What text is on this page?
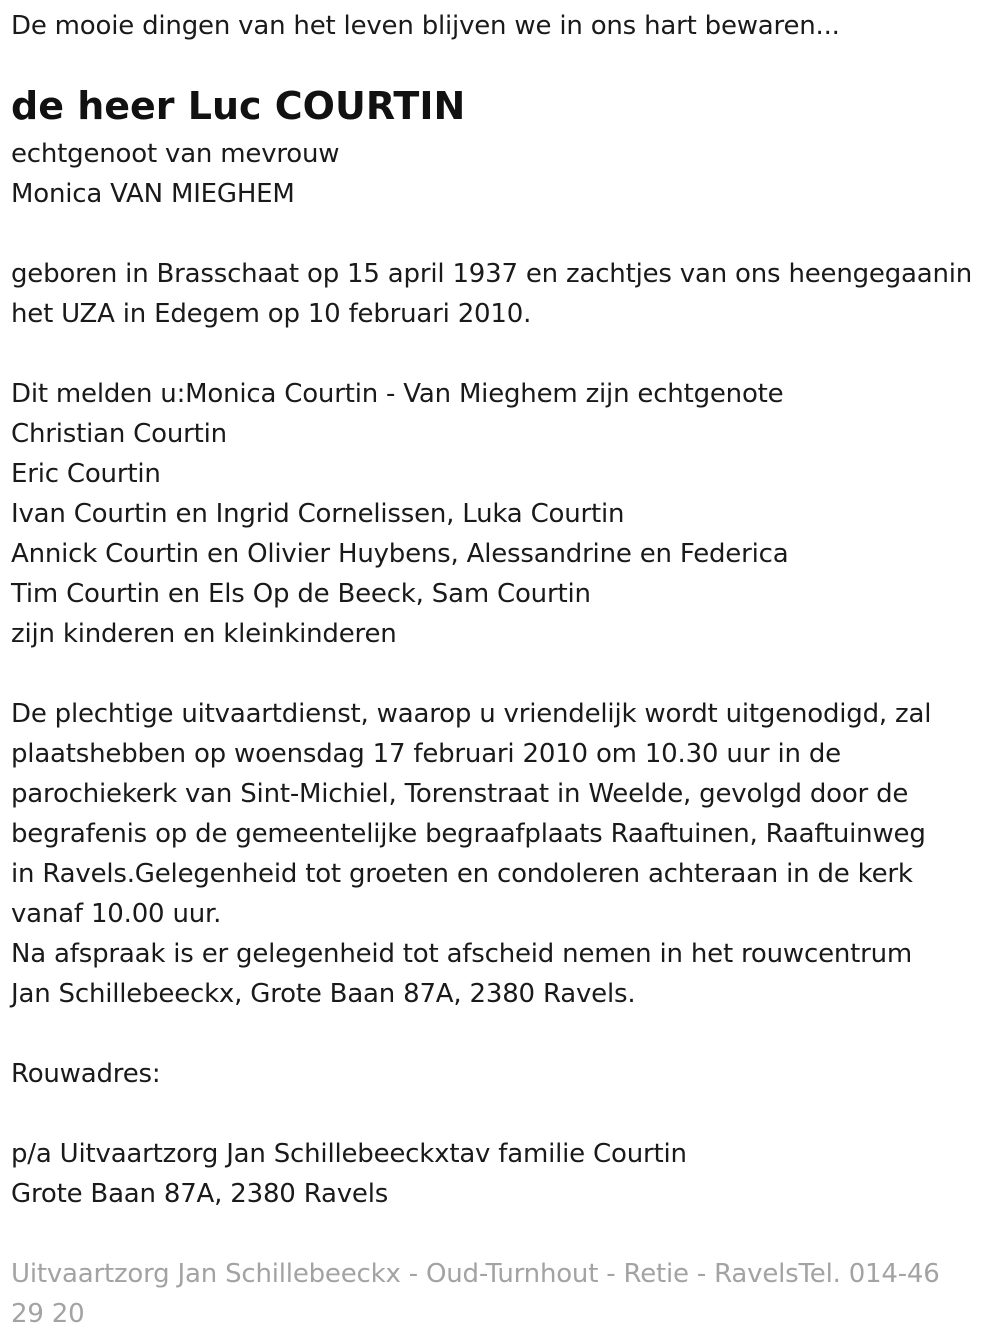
De mooie dingen van het leven blijven we in ons hart bewaren...
de heer Luc COURTIN
echtgenoot van mevrouw
Monica VAN MIEGHEM
geboren in Brasschaat op 15 april 1937 en zachtjes van ons heengegaanin
het UZA in Edegem op 10 februari 2010.
Dit melden u:Monica Courtin - Van Mieghem zijn echtgenote
Christian Courtin
Eric Courtin
Ivan Courtin en Ingrid Cornelissen, Luka Courtin
Annick Courtin en Olivier Huybens, Alessandrine en Federica
Tim Courtin en Els Op de Beeck, Sam Courtin
zijn kinderen en kleinkinderen
De plechtige uitvaartdienst, waarop u vriendelijk wordt uitgenodigd, zal
plaatshebben op woensdag 17 februari 2010 om 10.30 uur in de
parochiekerk van Sint-Michiel, Torenstraat in Weelde, gevolgd door de
begrafenis op de gemeentelijke begraafplaats Raaftuinen, Raaftuinweg
in Ravels.Gelegenheid tot groeten en condoleren achteraan in de kerk
vanaf 10.00 uur.
Na afspraak is er gelegenheid tot afscheid nemen in het rouwcentrum
Jan Schillebeeckx, Grote Baan 87A, 2380 Ravels.
Rouwadres:
p/a Uitvaartzorg Jan Schillebeeckxtav familie Courtin
Grote Baan 87A, 2380 Ravels
Uitvaartzorg Jan Schillebeeckx - Oud-Turnhout - Retie - RavelsTel. 014-46
29 20
